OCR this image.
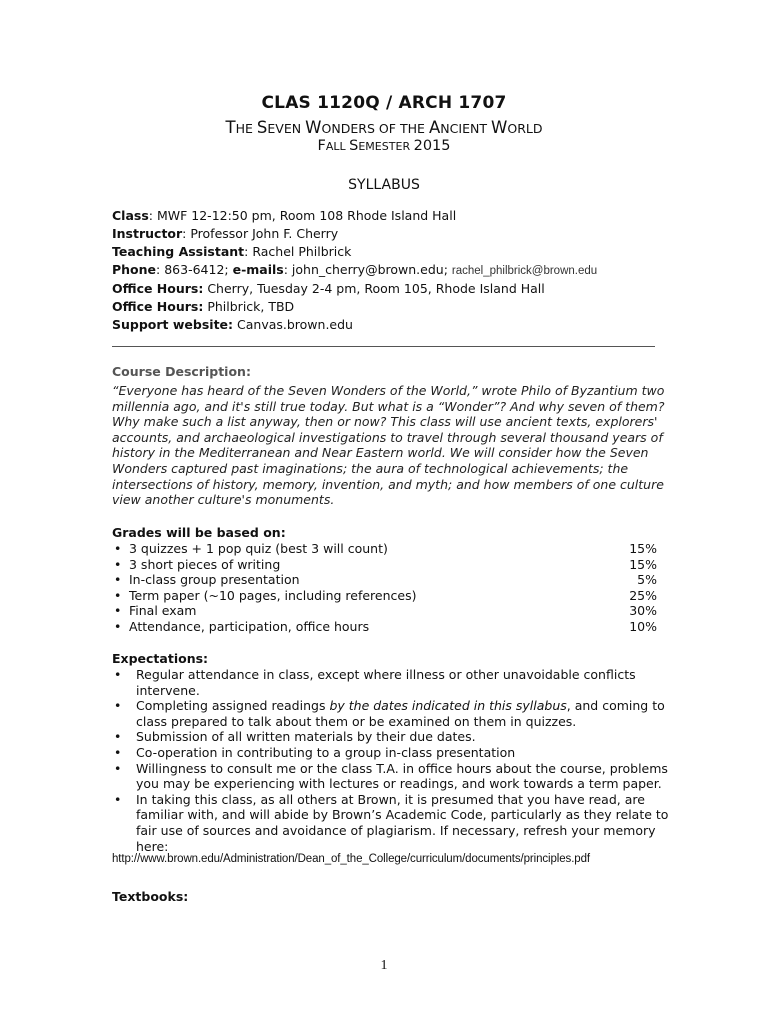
CLAS 1120Q / ARCH 1707
THE SEVEN WONDERS OF THE ANCIENT WORLD
FALL SEMESTER 2015
SYLLABUS
Class: MWF 12-12:50 pm, Room 108 Rhode Island Hall
Instructor: Professor John F. Cherry
Teaching Assistant: Rachel Philbrick
Phone: 863-6412; e-mails: john_cherry@brown.edu; rachel_philbrick@brown.edu
Office Hours: Cherry, Tuesday 2-4 pm, Room 105, Rhode Island Hall
Office Hours: Philbrick, TBD
Support website: Canvas.brown.edu
Course Description:
“Everyone has heard of the Seven Wonders of the World,” wrote Philo of Byzantium two millennia ago, and it's still true today. But what is a “Wonder”? And why seven of them? Why make such a list anyway, then or now? This class will use ancient texts, explorers' accounts, and archaeological investigations to travel through several thousand years of history in the Mediterranean and Near Eastern world. We will consider how the Seven Wonders captured past imaginations; the aura of technological achievements; the intersections of history, memory, invention, and myth; and how members of one culture view another culture's monuments.
Grades will be based on:
• 3 quizzes + 1 pop quiz (best 3 will count)	15%
• 3 short pieces of writing	15%
• In-class group presentation	5%
• Term paper (~10 pages, including references)	25%
• Final exam	30%
• Attendance, participation, office hours	10%
Expectations:
• Regular attendance in class, except where illness or other unavoidable conflicts intervene.
• Completing assigned readings by the dates indicated in this syllabus, and coming to class prepared to talk about them or be examined on them in quizzes.
• Submission of all written materials by their due dates.
• Co-operation in contributing to a group in-class presentation
• Willingness to consult me or the class T.A. in office hours about the course, problems you may be experiencing with lectures or readings, and work towards a term paper.
• In taking this class, as all others at Brown, it is presumed that you have read, are familiar with, and will abide by Brown’s Academic Code, particularly as they relate to fair use of sources and avoidance of plagiarism. If necessary, refresh your memory here:
http://www.brown.edu/Administration/Dean_of_the_College/curriculum/documents/principles.pdf
Textbooks:
1
